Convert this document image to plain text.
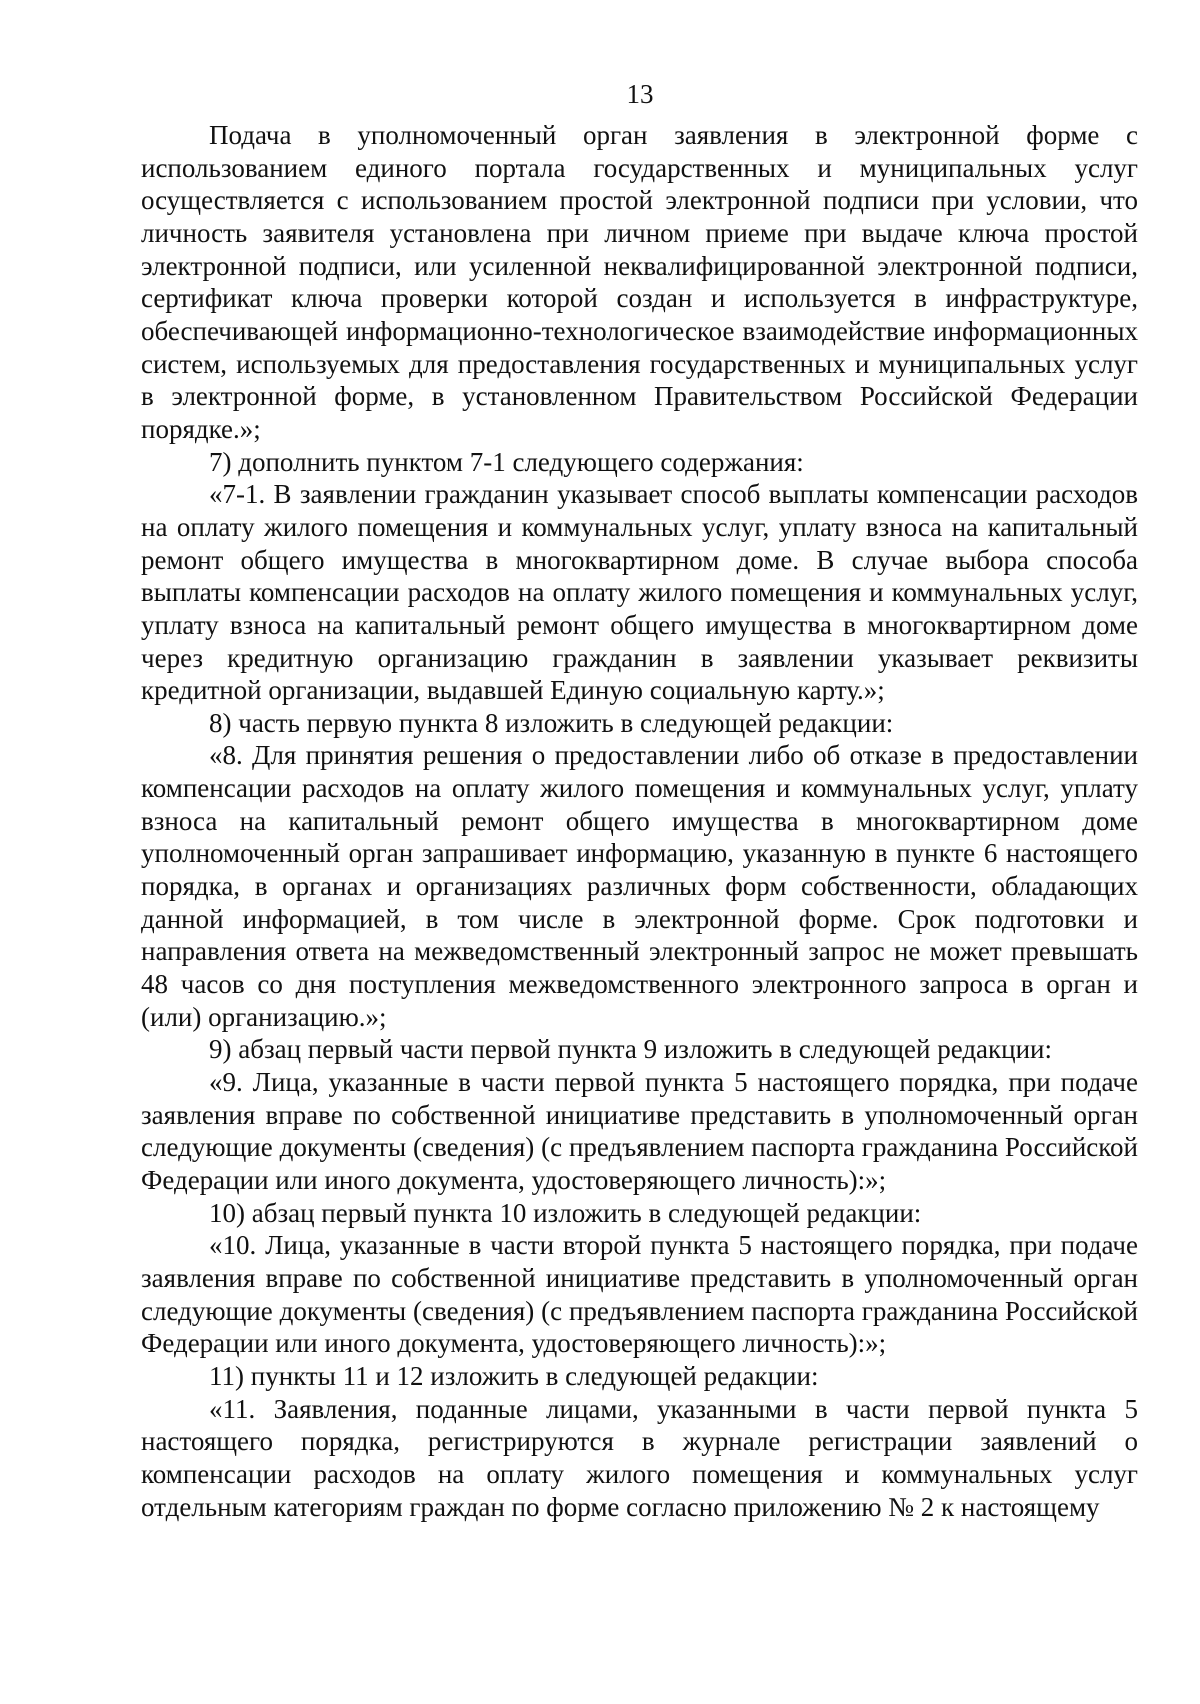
13

Подача в уполномоченный орган заявления в электронной форме с использованием единого портала государственных и муниципальных услуг осуществляется с использованием простой электронной подписи при условии, что личность заявителя установлена при личном приеме при выдаче ключа простой электронной подписи, или усиленной неквалифицированной электронной подписи, сертификат ключа проверки которой создан и используется в инфраструктуре, обеспечивающей информационно-технологическое взаимодействие информационных систем, используемых для предоставления государственных и муниципальных услуг в электронной форме, в установленном Правительством Российской Федерации порядке.»;

7) дополнить пунктом 7-1 следующего содержания:

«7-1. В заявлении гражданин указывает способ выплаты компенсации расходов на оплату жилого помещения и коммунальных услуг, уплату взноса на капитальный ремонт общего имущества в многоквартирном доме. В случае выбора способа выплаты компенсации расходов на оплату жилого помещения и коммунальных услуг, уплату взноса на капитальный ремонт общего имущества в многоквартирном доме через кредитную организацию гражданин в заявлении указывает реквизиты кредитной организации, выдавшей Единую социальную карту.»;

8) часть первую пункта 8 изложить в следующей редакции:

«8. Для принятия решения о предоставлении либо об отказе в предоставлении компенсации расходов на оплату жилого помещения и коммунальных услуг, уплату взноса на капитальный ремонт общего имущества в многоквартирном доме уполномоченный орган запрашивает информацию, указанную в пункте 6 настоящего порядка, в органах и организациях различных форм собственности, обладающих данной информацией, в том числе в электронной форме. Срок подготовки и направления ответа на межведомственный электронный запрос не может превышать 48 часов со дня поступления межведомственного электронного запроса в орган и (или) организацию.»;

9) абзац первый части первой пункта 9 изложить в следующей редакции:

«9. Лица, указанные в части первой пункта 5 настоящего порядка, при подаче заявления вправе по собственной инициативе представить в уполномоченный орган следующие документы (сведения) (с предъявлением паспорта гражданина Российской Федерации или иного документа, удостоверяющего личность):»;

10) абзац первый пункта 10 изложить в следующей редакции:

«10. Лица, указанные в части второй пункта 5 настоящего порядка, при подаче заявления вправе по собственной инициативе представить в уполномоченный орган следующие документы (сведения) (с предъявлением паспорта гражданина Российской Федерации или иного документа, удостоверяющего личность):»;

11) пункты 11 и 12 изложить в следующей редакции:

«11. Заявления, поданные лицами, указанными в части первой пункта 5 настоящего порядка, регистрируются в журнале регистрации заявлений о компенсации расходов на оплату жилого помещения и коммунальных услуг отдельным категориям граждан по форме согласно приложению № 2 к настоящему
